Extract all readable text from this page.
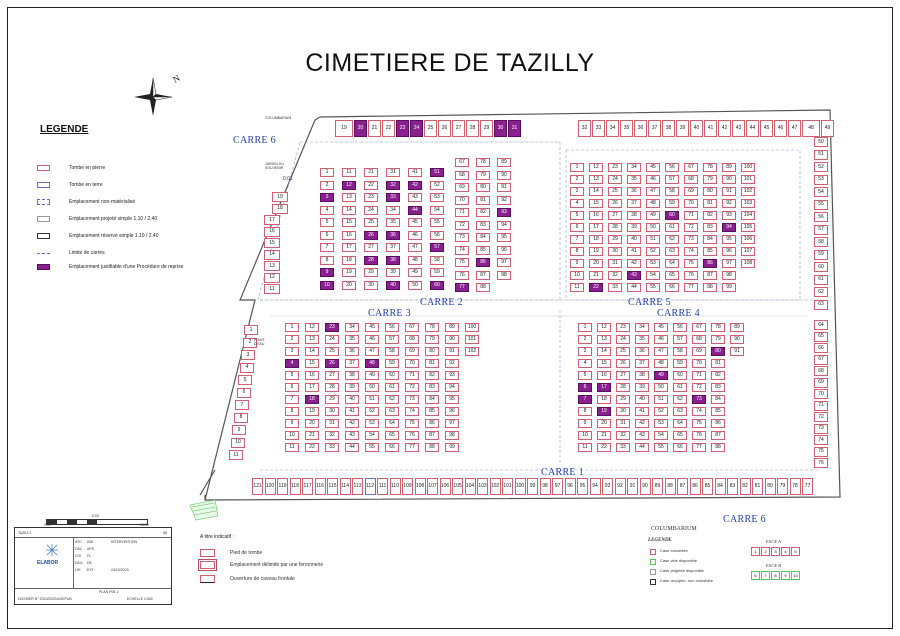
CIMETIERE DE TAZILLY
N
LEGENDE
Tombe en pierre
Tombe en terre
Emplacement non-matérialisé
Emplacement projeté simple 1.10 / 2.40
Emplacement réservé simple 1.10 / 2.40
Limite de carrés
Emplacement justifiable d'une Procédure de reprise
19	20	21	22	23	24	25	26	27	28	29	30	31	32	33	34	35	36	37	38	39	40	41	42	43	44	45	46	47	48	49
121 120 119 118 117 116 115 114 113 112 111 110 109 108 107 106 105 104 103 102 101 100	99	98	97	96	95	94	93	92	91	90	89	88	87	86	85	84	83	82	81	80	79	78	77
50
51
52
53
54
55
56
57
58
59
60
61
62
63
64
65
66
67
68
69
70
71
72
73
74
75
76
19
18
17
16
15
14
13
12
11
1
2
3
4
5
6
7
8
9
10
11
1
2
3
4
5
6
7
8
9
10
11
12
13
14
15
16
17
18
19
20
21
22
23
24
25
26
27
28
29
30
31
32
33
34
35
36
37
38
39
40
41
42
43
44
45
46
47
48
49
50
51
52
53
54
55
56
57
58
59
60
67
68
69
70
71
72
73
74
75
76
77
78
79
80
81
82
83
84
85
86
87
88
89
90
91
92
93
94
95
96
97
98
1
2
3
4
5
6
7
8
9
10
11
12
13
14
15
16
17
18
19
20
21
22
23
24
25
26
27
28
29
30
31
32
33
34
35
36
37
38
39
40
41
42
43
44
45
46
47
48
49
50
51
52
53
54
55
56
57
58
59
60
61
62
63
64
65
66
67
68
69
70
71
72
73
74
75
76
77
78
79
80
81
82
83
84
85
86
87
88
89
90
91
92
93
94
95
96
97
98
99
100
101
102
103
104
105
106
107
108
1
2
3
4
5
6
7
8
9
10
11
12
13
14
15
16
17
18
19
20
21
22
23
24
25
26
27
28
29
30
31
32
33
34
35
36
37
38
39
40
41
42
43
44
45
46
47
48
49
50
51
52
53
54
55
56
57
58
59
60
61
62
63
64
65
66
67
68
69
70
71
72
73
74
75
76
77
78
79
80
81
82
83
84
85
86
87
88
89
90
91
92
93
94
95
96
97
98
99
100
101
102
1
2
3
4
5
6
7
8
9
10
11
12
13
14
15
16
17
18
19
20
21
22
23
24
25
26
27
28
29
30
31
32
33
34
35
36
37
38
39
40
41
42
43
44
45
46
47
48
49
50
51
52
53
54
55
56
57
58
59
60
61
62
63
64
65
66
67
68
69
70
71
72
73
74
75
76
77
78
79
80
81
82
83
84
85
86
87
88
89
90
91
COLUMBARIUM
JARDIN DU SOUVENIR
POINT D'EAU
0.01
CARRE 6
CARRE 2	CARRE 5
CARRE 3	CARRE 4
CARRE 1
CARRE 6
0.00
5.00
10.00
TAZILLY	58
ELABOR
ATC 008
DAC APS
COI FL
DAG DE
LIH EXT
INTERVENTION
24/10/2023
PLAN P06 1
DOSSIER N° 2023/0022/AGEPUB	ECHELLE 1/300
A titre indicatif :
Pied de tombe
Emplacement délimité par une ferronnerie
Ouverture de caveau frontale
COLUMBARIUM
LEGENDE
Case concédée
Case vide disponible
Case projetée disponible
Case occupée, non concédée
FACE A
1	2	3	4	5
FACE B
6	7	8	9	10
